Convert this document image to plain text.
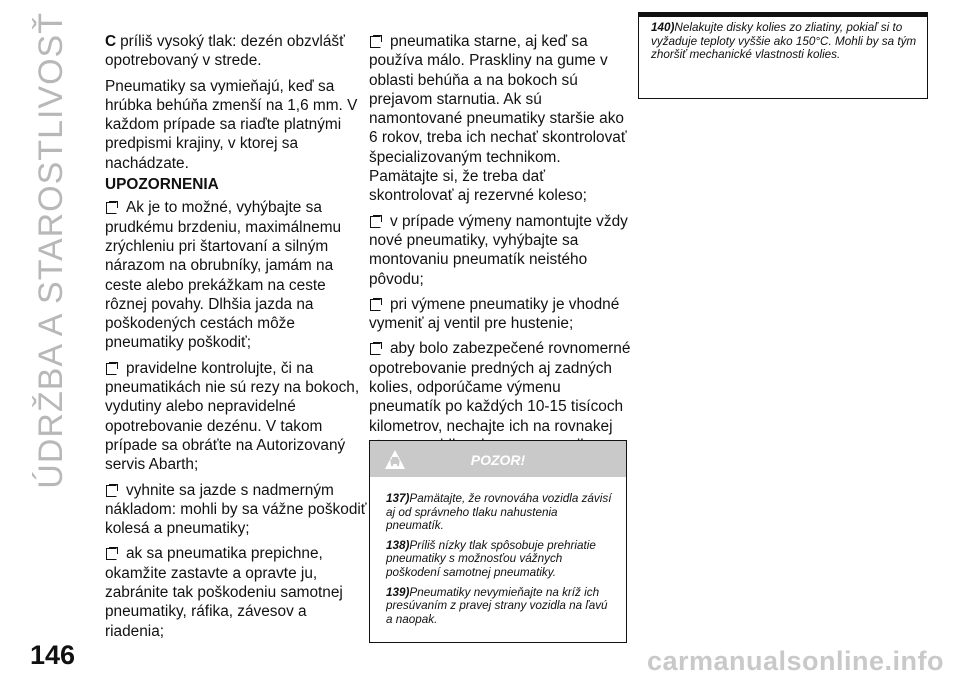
ÚDRŽBA A STAROSTLIVOSŤ C príliš vysoký tlak: dezén obzvlášť opotrebovaný v strede.
Pneumatiky sa vymieňajú, keď sa hrúbka behúňa zmenší na 1,6 mm. V každom prípade sa riaďte platnými predpismi krajiny, v ktorej sa nachádzate.
UPOZORNENIA
Ak je to možné, vyhýbajte sa prudkému brzdeniu, maximálnemu zrýchleniu pri štartovaní a silným nárazom na obrubníky, jamám na ceste alebo prekážkam na ceste rôznej povahy. Dlhšia jazda na poškodených cestách môže pneumatiky poškodiť;
pravidelne kontrolujte, či na pneumatikách nie sú rezy na bokoch, vydutiny alebo nepravidelné opotrebovanie dezénu. V takom prípade sa obráťte na Autorizovaný servis Abarth;
vyhnite sa jazde s nadmerným nákladom: mohli by sa vážne poškodiť kolesá a pneumatiky;
ak sa pneumatika prepichne, okamžite zastavte a opravte ju, zabránite tak poškodeniu samotnej pneumatiky, ráfika, závesov a riadenia;
pneumatika starne, aj keď sa používa málo. Praskliny na gume v oblasti behúňa a na bokoch sú prejavom starnutia. Ak sú namontované pneumatiky staršie ako 6 rokov, treba ich nechať skontrolovať špecializovaným technikom. Pamätajte si, že treba dať skontrolovať aj rezervné koleso;
v prípade výmeny namontujte vždy nové pneumatiky, vyhýbajte sa montovaniu pneumatík neistého pôvodu;
pri výmene pneumatiky je vhodné vymeniť aj ventil pre hustenie;
aby bolo zabezpečené rovnomerné opotrebovanie predných aj zadných kolies, odporúčame výmenu pneumatík po každých 10-15 tisícoch kilometrov, nechajte ich na rovnakej
POZOR!
137)Pamätajte, že rovnováha vozidla závisí aj od správneho tlaku nahustenia pneumatík.
138)Príliš nízky tlak spôsobuje prehriatie pneumatiky s možnosťou vážnych poškodení samotnej pneumatiky.
139)Pneumatiky nevymieňajte na kríž ich presúvaním z pravej strany vozidla na ľavú a naopak.
140)Nelakujte disky kolies zo zliatiny, pokiaľ si to vyžaduje teploty vyššie ako 150°C. Mohli by sa tým zhoršiť mechanické vlastnosti kolies.
146	carmanualsonline.info
